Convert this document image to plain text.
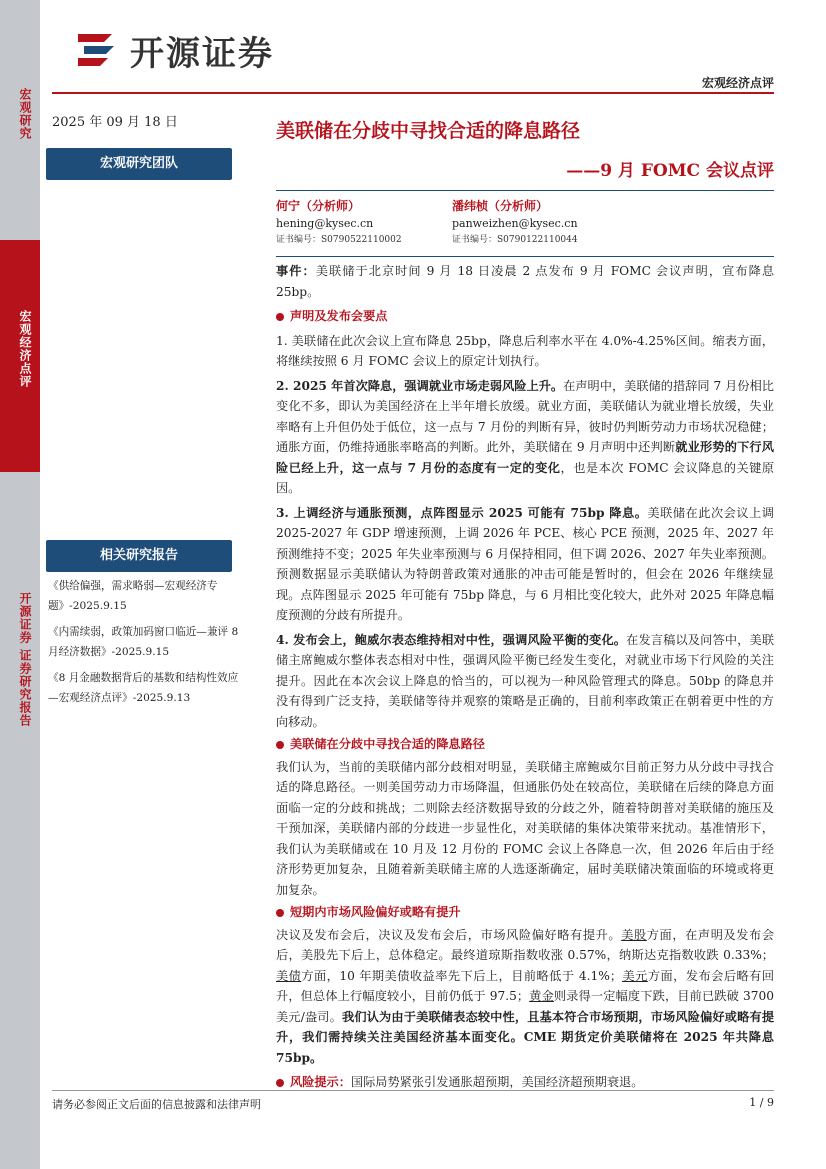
宏观研究
宏观经济点评
开源证券 证券研究报告
开源证券
宏观经济点评
2025 年 09 月 18 日	美联储在分歧中寻找合适的降息路径
——9 月 FOMC 会议点评
宏观研究团队
何宁（分析师）
hening@kysec.cn
证书编号：S0790522110002
潘纬桢（分析师）
panweizhen@kysec.cn
证书编号：S0790122110044
相关研究报告
《供给偏强，需求略弱—宏观经济专题》-2025.9.15
《内需续弱，政策加码窗口临近—兼评 8 月经济数据》-2025.9.15
《8 月金融数据背后的基数和结构性效应—宏观经济点评》-2025.9.13

事件：美联储于北京时间 9 月 18 日凌晨 2 点发布 9 月 FOMC 会议声明，宣布降息 25bp。

声明及发布会要点

1. 美联储在此次会议上宣布降息 25bp，降息后利率水平在 4.0%-4.25%区间。缩表方面，将继续按照 6 月 FOMC 会议上的原定计划执行。

2. 2025 年首次降息，强调就业市场走弱风险上升。在声明中，美联储的措辞同 7 月份相比变化不多，即认为美国经济在上半年增长放缓。就业方面，美联储认为就业增长放缓，失业率略有上升但仍处于低位，这一点与 7 月份的判断有异，彼时仍判断劳动力市场状况稳健；通胀方面，仍维持通胀率略高的判断。此外，美联储在 9 月声明中还判断就业形势的下行风险已经上升，这一点与 7 月份的态度有一定的变化，也是本次 FOMC 会议降息的关键原因。

3. 上调经济与通胀预测，点阵图显示 2025 可能有 75bp 降息。美联储在此次会议上调 2025-2027 年 GDP 增速预测，上调 2026 年 PCE、核心 PCE 预测，2025 年、2027 年预测维持不变；2025 年失业率预测与 6 月保持相同，但下调 2026、2027 年失业率预测。预测数据显示美联储认为特朗普政策对通胀的冲击可能是暂时的，但会在 2026 年继续显现。点阵图显示 2025 年可能有 75bp 降息，与 6 月相比变化较大，此外对 2025 年降息幅度预测的分歧有所提升。

4. 发布会上，鲍威尔表态维持相对中性，强调风险平衡的变化。在发言稿以及问答中，美联储主席鲍威尔整体表态相对中性，强调风险平衡已经发生变化，对就业市场下行风险的关注提升。因此在本次会议上降息的恰当的，可以视为一种风险管理式的降息。50bp 的降息并没有得到广泛支持，美联储等待并观察的策略是正确的，目前利率政策正在朝着更中性的方向移动。

美联储在分歧中寻找合适的降息路径

我们认为，当前的美联储内部分歧相对明显，美联储主席鲍威尔目前正努力从分歧中寻找合适的降息路径。一则美国劳动力市场降温，但通胀仍处在较高位，美联储在后续的降息方面面临一定的分歧和挑战；二则除去经济数据导致的分歧之外，随着特朗普对美联储的施压及干预加深，美联储内部的分歧进一步显性化，对美联储的集体决策带来扰动。基准情形下，我们认为美联储或在 10 月及 12 月份的 FOMC 会议上各降息一次，但 2026 年后由于经济形势更加复杂，且随着新美联储主席的人选逐渐确定，届时美联储决策面临的环境或将更加复杂。

短期内市场风险偏好或略有提升

决议及发布会后，决议及发布会后，市场风险偏好略有提升。美股方面，在声明及发布会后，美股先下后上，总体稳定。最终道琼斯指数收涨 0.57%，纳斯达克指数收跌 0.33%；美债方面，10 年期美债收益率先下后上，目前略低于 4.1%；美元方面，发布会后略有回升，但总体上行幅度较小，目前仍低于 97.5；黄金则录得一定幅度下跌，目前已跌破 3700 美元/盎司。我们认为由于美联储表态较中性，且基本符合市场预期，市场风险偏好或略有提升，我们需持续关注美国经济基本面变化。CME 期货定价美联储将在 2025 年共降息 75bp。

风险提示：国际局势紧张引发通胀超预期，美国经济超预期衰退。

请务必参阅正文后面的信息披露和法律声明	1 / 9
